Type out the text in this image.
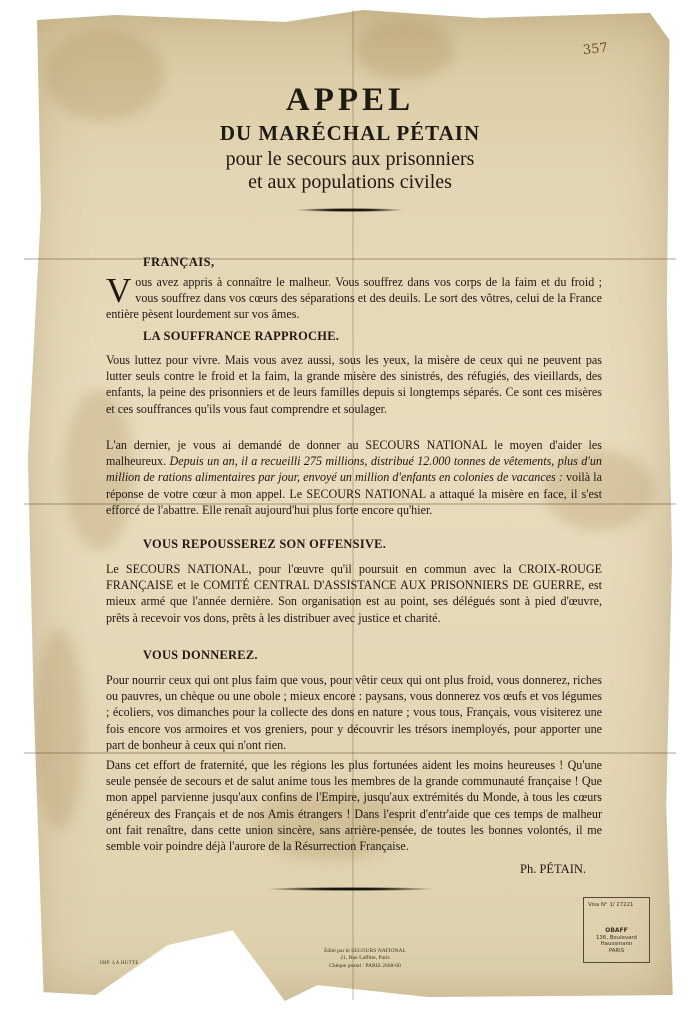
357
APPEL
DU MARÉCHAL PÉTAIN
pour le secours aux prisonniers
et aux populations civiles
FRANÇAIS,
Vous avez appris à connaître le malheur. Vous souffrez dans vos corps de la faim et du froid ; vous souffrez dans vos cœurs des séparations et des deuils. Le sort des vôtres, celui de la France entière pèsent lourdement sur vos âmes.
LA SOUFFRANCE RAPPROCHE.
Vous luttez pour vivre. Mais vous avez aussi, sous les yeux, la misère de ceux qui ne peuvent pas lutter seuls contre le froid et la faim, la grande misère des sinistrés, des réfugiés, des vieillards, des enfants, la peine des prisonniers et de leurs familles depuis si longtemps séparés. Ce sont ces misères et ces souffrances qu'ils vous faut comprendre et soulager.
L'an dernier, je vous ai demandé de donner au SECOURS NATIONAL le moyen d'aider les malheureux. Depuis un an, il a recueilli 275 millions, distribué 12.000 tonnes de vêtements, plus d'un million de rations alimentaires par jour, envoyé un million d'enfants en colonies de vacances : voilà la réponse de votre cœur à mon appel. Le SECOURS NATIONAL a attaqué la misère en face, il s'est efforcé de l'abattre. Elle renaît aujourd'hui plus forte encore qu'hier.
VOUS REPOUSSEREZ SON OFFENSIVE.
Le SECOURS NATIONAL, pour l'œuvre qu'il poursuit en commun avec la CROIX-ROUGE FRANÇAISE et le COMITÉ CENTRAL D'ASSISTANCE AUX PRISONNIERS DE GUERRE, est mieux armé que l'année dernière. Son organisation est au point, ses délégués sont à pied d'œuvre, prêts à recevoir vos dons, prêts à les distribuer avec justice et charité.
VOUS DONNEREZ.
Pour nourrir ceux qui ont plus faim que vous, pour vêtir ceux qui ont plus froid, vous donnerez, riches ou pauvres, un chèque ou une obole ; mieux encore : paysans, vous donnerez vos œufs et vos légumes ; écoliers, vos dimanches pour la collecte des dons en nature ; vous tous, Français, vous visiterez une fois encore vos armoires et vos greniers, pour y découvrir les trésors inemployés, pour apporter une part de bonheur à ceux qui n'ont rien.
Dans cet effort de fraternité, que les régions les plus fortunées aident les moins heureuses ! Qu'une seule pensée de secours et de salut anime tous les membres de la grande communauté française ! Que mon appel parvienne jusqu'aux confins de l'Empire, jusqu'aux extrémités du Monde, à tous les cœurs généreux des Français et de nos Amis étrangers ! Dans l'esprit d'entr'aide que ces temps de malheur ont fait renaître, dans cette union sincère, sans arrière-pensée, de toutes les bonnes volontés, il me semble voir poindre déjà l'aurore de la Résurrection Française.
Ph. PÉTAIN.
IMP. LA HUTTE
Édité par le SECOURS NATIONAL
21, Rue Laffitte, Paris
Chèque postal : PARIS 2668-00
Visa N° 1/ 27221
OBAFF
136, Boulevard Haussmann
PARIS
